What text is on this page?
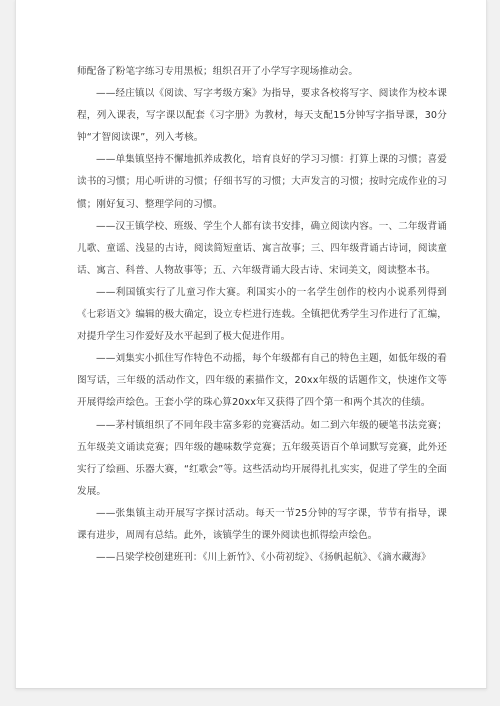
师配备了粉笔字练习专用黑板；组织召开了小学写字现场推动会。

——经庄镇以《阅读、写字考级方案》为指导，要求各校将写字、阅读作为校本课程，列入课表，写字课以配套《习字册》为教材，每天支配15分钟写字指导课，30分钟“才智阅读课”，列入考核。

——单集镇坚持不懈地抓养成教化，培育良好的学习习惯：打算上课的习惯；喜爱读书的习惯；用心听讲的习惯；仔细书写的习惯；大声发言的习惯；按时完成作业的习惯；刚好复习、整理学问的习惯。

——汉王镇学校、班级、学生个人都有读书安排，确立阅读内容。一、二年级背诵儿歌、童谣、浅显的古诗，阅读简短童话、寓言故事；三、四年级背诵古诗词，阅读童话、寓言、科普、人物故事等；五、六年级背诵大段古诗、宋词美文，阅读整本书。

——利国镇实行了儿童习作大赛。利国实小的一名学生创作的校内小说系列得到《七彩语文》编辑的极大确定，设立专栏进行连载。全镇把优秀学生习作进行了汇编，对提升学生习作爱好及水平起到了极大促进作用。

——刘集实小抓住写作特色不动摇，每个年级都有自己的特色主题，如低年级的看图写话，三年级的活动作文，四年级的素描作文，20xx年级的话题作文，快速作文等开展得绘声绘色。王套小学的珠心算20xx年又获得了四个第一和两个其次的佳绩。

——茅村镇组织了不同年段丰富多彩的竞赛活动。如二到六年级的硬笔书法竞赛；五年级美文诵读竞赛；四年级的趣味数学竞赛；五年级英语百个单词默写竞赛，此外还实行了绘画、乐器大赛，“红歌会”等。这些活动均开展得扎扎实实，促进了学生的全面发展。

——张集镇主动开展写字探讨活动。每天一节25分钟的写字课，节节有指导，课课有进步，周周有总结。此外，该镇学生的课外阅读也抓得绘声绘色。

——吕梁学校创建班刊：《川上新竹》、《小荷初绽》、《扬帆起航》、《滴水藏海》
